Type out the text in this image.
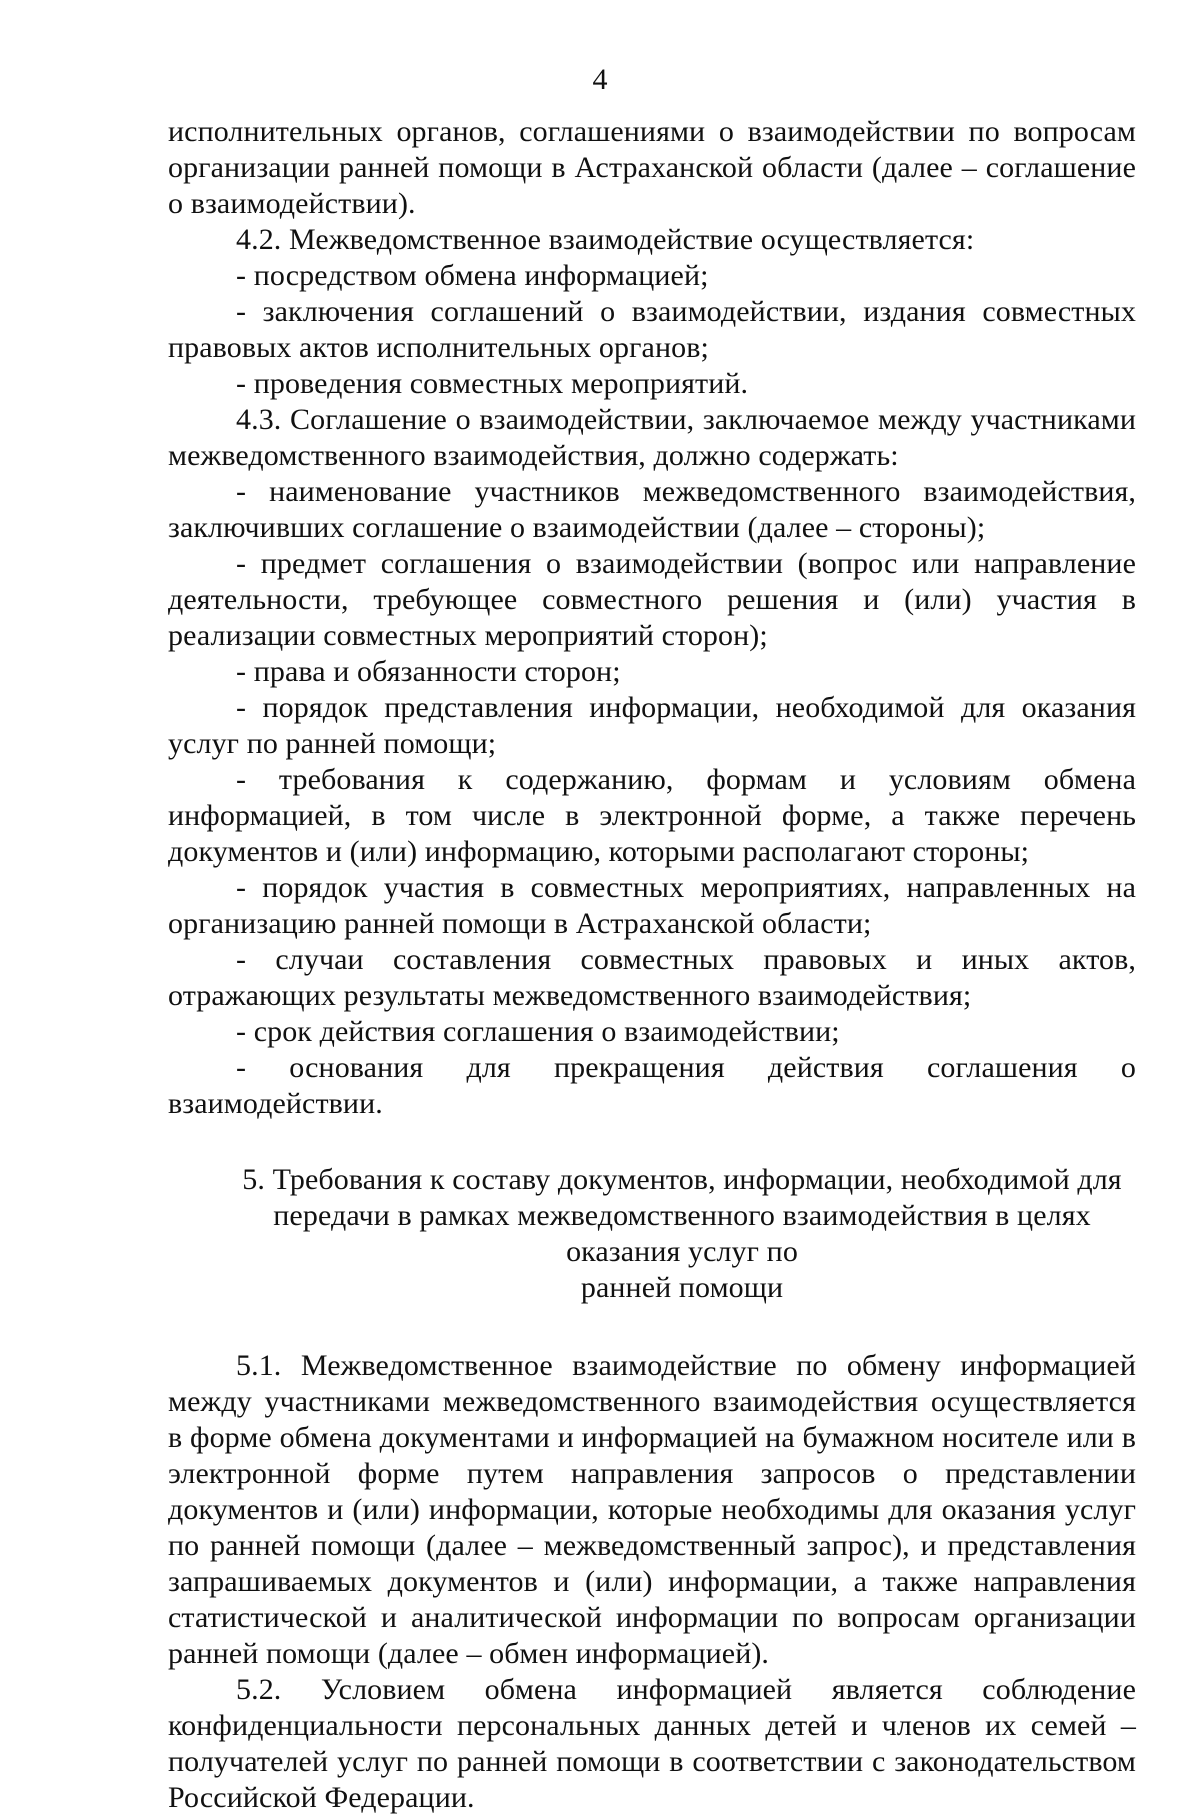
4

исполнительных органов, соглашениями о взаимодействии по вопросам организации ранней помощи в Астраханской области (далее – соглашение о взаимодействии).

4.2. Межведомственное взаимодействие осуществляется:

- посредством обмена информацией;

- заключения соглашений о взаимодействии, издания совместных правовых актов исполнительных органов;

- проведения совместных мероприятий.

4.3. Соглашение о взаимодействии, заключаемое между участниками межведомственного взаимодействия, должно содержать:

- наименование участников межведомственного взаимодействия, заключивших соглашение о взаимодействии (далее – стороны);

- предмет соглашения о взаимодействии (вопрос или направление деятельности, требующее совместного решения и (или) участия в реализации совместных мероприятий сторон);

- права и обязанности сторон;

- порядок представления информации, необходимой для оказания услуг по ранней помощи;

- требования к содержанию, формам и условиям обмена информацией, в том числе в электронной форме, а также перечень документов и (или) информацию, которыми располагают стороны;

- порядок участия в совместных мероприятиях, направленных на организацию ранней помощи в Астраханской области;

- случаи составления совместных правовых и иных актов, отражающих результаты межведомственного взаимодействия;

- срок действия соглашения о взаимодействии;

- основания для прекращения действия соглашения о взаимодействии.

5. Требования к составу документов, информации, необходимой для передачи в рамках межведомственного взаимодействия в целях оказания услуг по
ранней помощи

5.1. Межведомственное взаимодействие по обмену информацией между участниками межведомственного взаимодействия осуществляется в форме обмена документами и информацией на бумажном носителе или в электронной форме путем направления запросов о представлении документов и (или) информации, которые необходимы для оказания услуг по ранней помощи (далее – межведомственный запрос), и представления запрашиваемых документов и (или) информации, а также направления статистической и аналитической информации по вопросам организации ранней помощи (далее – обмен информацией).

5.2. Условием обмена информацией является соблюдение конфиденциальности персональных данных детей и членов их семей – получателей услуг по ранней помощи в соответствии с законодательством Российской Федерации.
